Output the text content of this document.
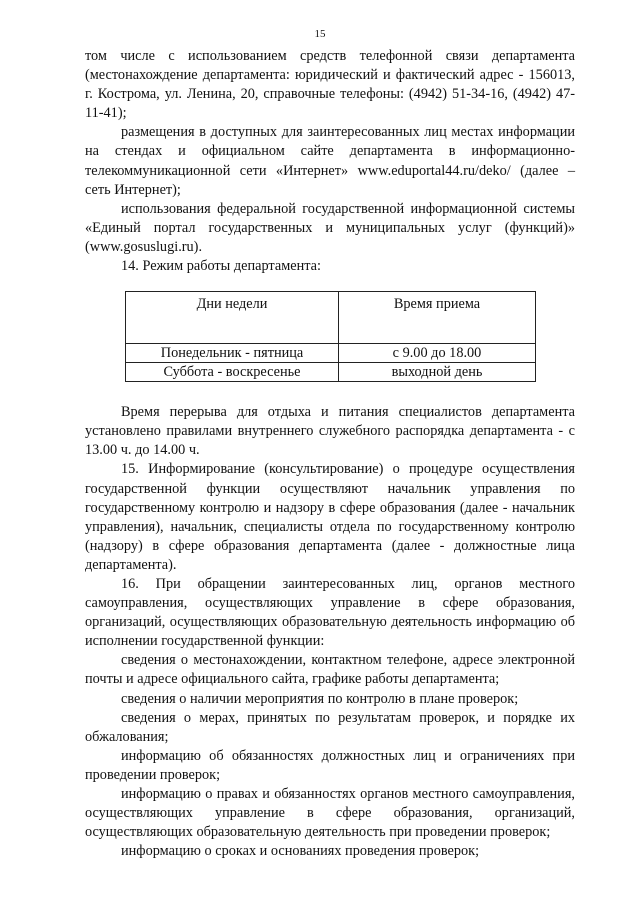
15

том числе с использованием средств телефонной связи департамента (местонахождение департамента: юридический и фактический адрес - 156013, г. Кострома, ул. Ленина, 20, справочные телефоны: (4942) 51-34-16, (4942) 47-11-41);

размещения в доступных для заинтересованных лиц местах информации на стендах и официальном сайте департамента в информационно-телекоммуникационной сети «Интернет» www.eduportal44.ru/deko/ (далее – сеть Интернет);

использования федеральной государственной информационной системы «Единый портал государственных и муниципальных услуг (функций)» (www.gosuslugi.ru).

14. Режим работы департамента:

Дни недели	Время приема
Понедельник - пятница	с 9.00 до 18.00
Суббота - воскресенье	выходной день

Время перерыва для отдыха и питания специалистов департамента установлено правилами внутреннего служебного распорядка департамента - с 13.00 ч. до 14.00 ч.

15. Информирование (консультирование) о процедуре осуществления государственной функции осуществляют начальник управления по государственному контролю и надзору в сфере образования (далее - начальник управления), начальник, специалисты отдела по государственному контролю (надзору) в сфере образования департамента (далее - должностные лица департамента).

16. При обращении заинтересованных лиц, органов местного самоуправления, осуществляющих управление в сфере образования, организаций, осуществляющих образовательную деятельность информацию об исполнении государственной функции:

сведения о местонахождении, контактном телефоне, адресе электронной почты и адресе официального сайта, графике работы департамента;

сведения о наличии мероприятия по контролю в плане проверок;

сведения о мерах, принятых по результатам проверок, и порядке их обжалования;

информацию об обязанностях должностных лиц и ограничениях при проведении проверок;

информацию о правах и обязанностях органов местного самоуправления, осуществляющих управление в сфере образования, организаций, осуществляющих образовательную деятельность при проведении проверок;

информацию о сроках и основаниях проведения проверок;
